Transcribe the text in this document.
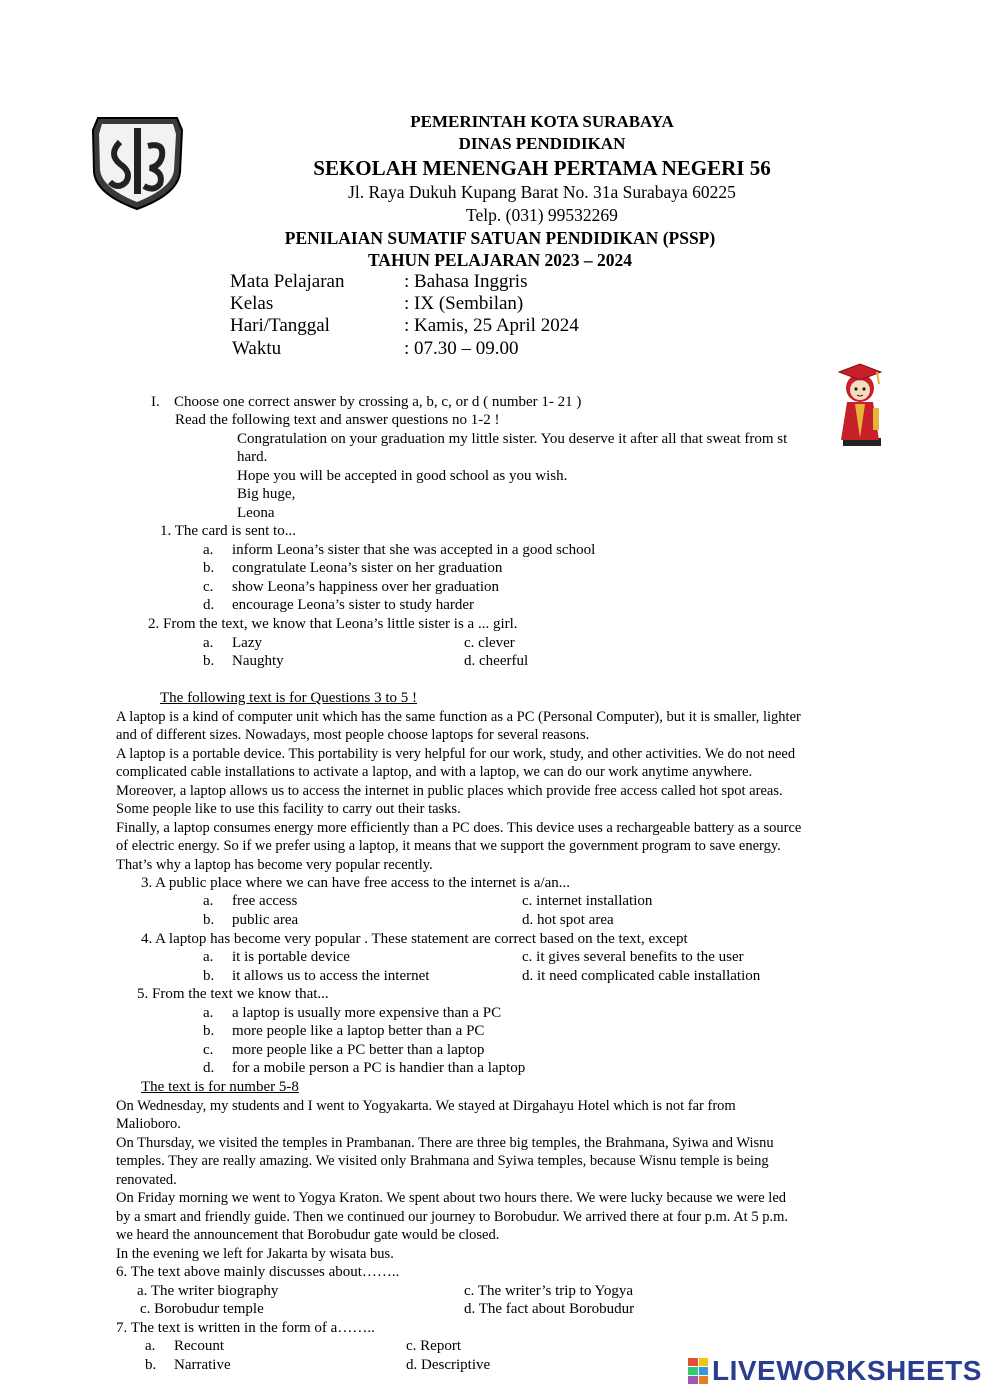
PEMERINTAH KOTA SURABAYA
DINAS PENDIDIKAN
SEKOLAH MENENGAH PERTAMA NEGERI 56
Jl. Raya Dukuh Kupang Barat No. 31a Surabaya 60225
Telp. (031) 99532269
PENILAIAN SUMATIF SATUAN PENDIDIKAN (PSSP)
TAHUN PELAJARAN 2023 – 2024
Mata Pelajaran	: Bahasa Inggris
Kelas	: IX (Sembilan)
Hari/Tanggal	: Kamis, 25 April 2024
Waktu	: 07.30 – 09.00
I. Choose one correct answer by crossing a, b, c, or d ( number 1- 21 )
Read the following text and answer questions no 1-2 !
Congratulation on your graduation my little sister. You deserve it after all that sweat from st
hard.
Hope you will be accepted in good school as you wish.
Big huge,
Leona
1. The card is sent to...
a. inform Leona’s sister that she was accepted in a good school
b. congratulate Leona’s sister on her graduation
c. show Leona’s happiness over her graduation
d. encourage Leona’s sister to study harder
2. From the text, we know that Leona’s little sister is a ... girl.
a. Lazy	c. clever
b. Naughty	d. cheerful
The following text is for Questions 3 to 5 !
A laptop is a kind of computer unit which has the same function as a PC (Personal Computer), but it is smaller, lighter
and of different sizes. Nowadays, most people choose laptops for several reasons.
A laptop is a portable device. This portability is very helpful for our work, study, and other activities. We do not need
complicated cable installations to activate a laptop, and with a laptop, we can do our work anytime anywhere.
Moreover, a laptop allows us to access the internet in public places which provide free access called hot spot areas.
Some people like to use this facility to carry out their tasks.
Finally, a laptop consumes energy more efficiently than a PC does. This device uses a rechargeable battery as a source
of electric energy. So if we prefer using a laptop, it means that we support the government program to save energy.
That’s why a laptop has become very popular recently.
3. A public place where we can have free access to the internet is a/an...
a. free access	c. internet installation
b. public area	d. hot spot area
4. A laptop has become very popular . These statement are correct based on the text, except
a. it is portable device	c. it gives several benefits to the user
b. it allows us to access the internet	d. it need complicated cable installation
5. From the text we know that...
a. a laptop is usually more expensive than a PC
b. more people like a laptop better than a PC
c. more people like a PC better than a laptop
d. for a mobile person a PC is handier than a laptop
The text is for number 5-8
On Wednesday, my students and I went to Yogyakarta. We stayed at Dirgahayu Hotel which is not far from
Malioboro.
On Thursday, we visited the temples in Prambanan. There are three big temples, the Brahmana, Syiwa and Wisnu
temples. They are really amazing. We visited only Brahmana and Syiwa temples, because Wisnu temple is being
renovated.
On Friday morning we went to Yogya Kraton. We spent about two hours there. We were lucky because we were led
by a smart and friendly guide. Then we continued our journey to Borobudur. We arrived there at four p.m. At 5 p.m.
we heard the announcement that Borobudur gate would be closed.
In the evening we left for Jakarta by wisata bus.
6. The text above mainly discusses about……..
a. The writer biography	c. The writer’s trip to Yogya
c. Borobudur temple	d. The fact about Borobudur
7. The text is written in the form of a……..
a. Recount	c. Report
b. Narrative	d. Descriptive	LIVEWORKSHEETS
